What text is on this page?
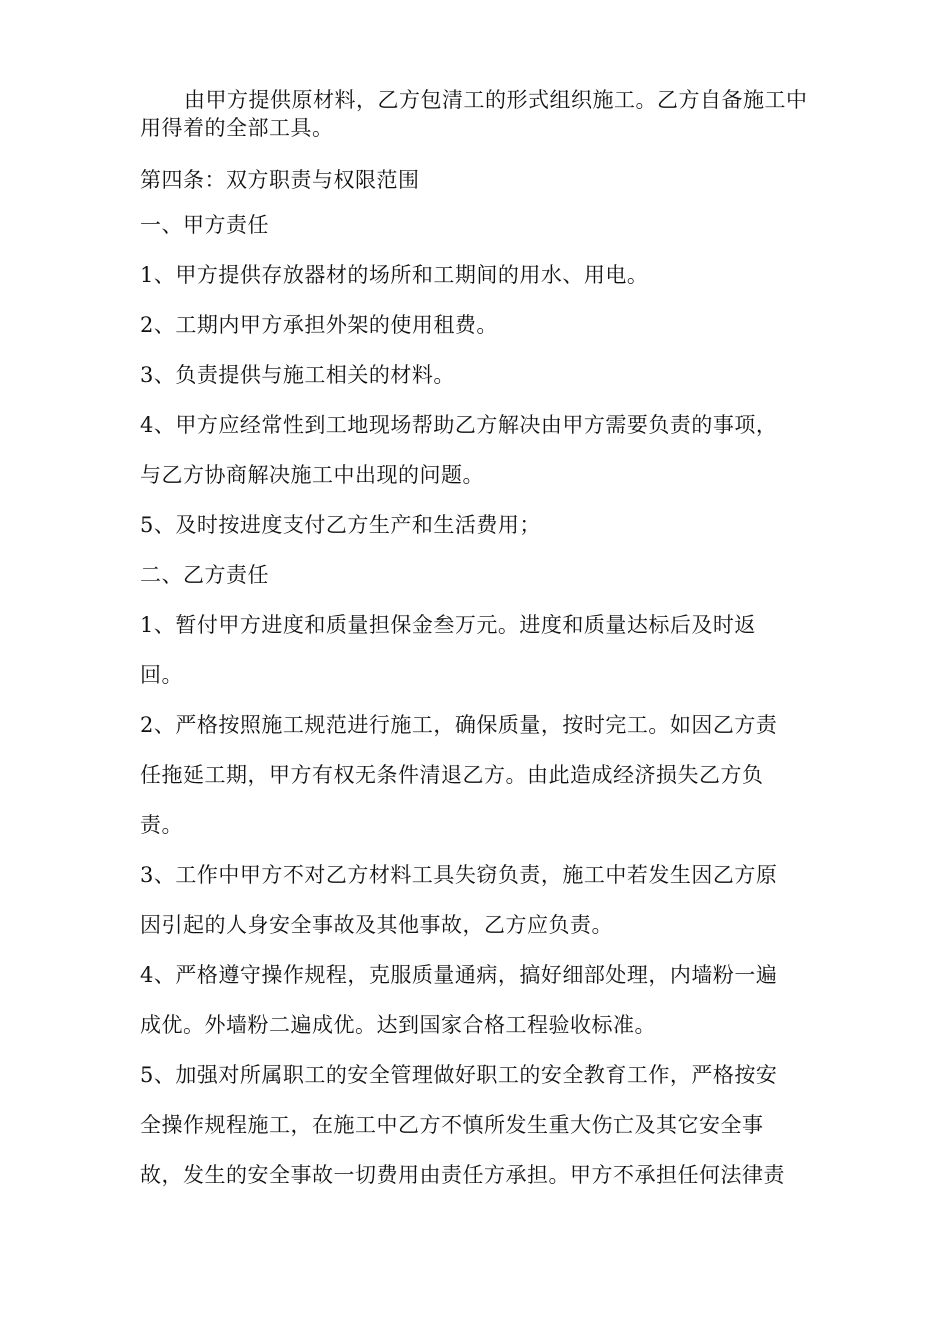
由甲方提供原材料，乙方包清工的形式组织施工。乙方自备施工中用得着的全部工具。

第四条：双方职责与权限范围

一、甲方责任

1、甲方提供存放器材的场所和工期间的用水、用电。

2、工期内甲方承担外架的使用租费。

3、负责提供与施工相关的材料。

4、甲方应经常性到工地现场帮助乙方解决由甲方需要负责的事项，

与乙方协商解决施工中出现的问题。

5、及时按进度支付乙方生产和生活费用；

二、乙方责任

1、暂付甲方进度和质量担保金叁万元。进度和质量达标后及时返

回。

2、严格按照施工规范进行施工，确保质量，按时完工。如因乙方责

任拖延工期，甲方有权无条件清退乙方。由此造成经济损失乙方负

责。

3、工作中甲方不对乙方材料工具失窃负责，施工中若发生因乙方原

因引起的人身安全事故及其他事故，乙方应负责。

4、严格遵守操作规程，克服质量通病，搞好细部处理，内墙粉一遍

成优。外墙粉二遍成优。达到国家合格工程验收标准。

5、加强对所属职工的安全管理做好职工的安全教育工作，严格按安

全操作规程施工，在施工中乙方不慎所发生重大伤亡及其它安全事

故，发生的安全事故一切费用由责任方承担。甲方不承担任何法律责
